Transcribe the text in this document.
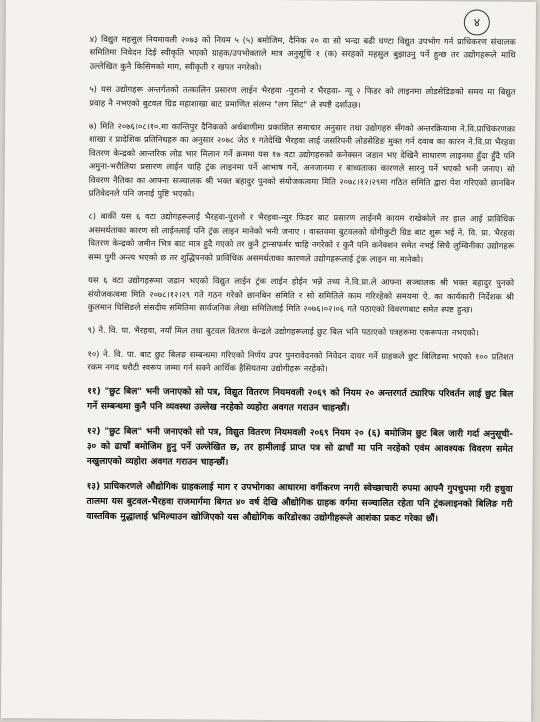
४

४) विद्युत महसुल नियमावली २०७३ को नियम ५ (५) बमोजिम, दैनिक २० वा सो भन्दा बढी घण्टा विद्युत उपभोग गर्न प्राधिकरण संचालक समितिमा निवेदन दिई स्वीकृति भएको ग्राहक/उपभोक्ताले मात्र अनुसूचि १ (क) सरहको महसुल बुझाउनु पर्ने हुन्छ तर उद्योगहरूले माथि उल्लेखित कुनै किसिमको माग, स्वीकृती र खपत नगरेको।

५) यस उद्योगहरू अन्तर्गतको तत्कालिन प्रसारण लाईन भैरहवा -पुरानो र भैरहवा- न्यू २ फिडर को लाइनमा लोडसेडिङको समय मा बिद्युत प्रवाह नै नभएको बुटवल ग्रिड महाशाखा बाट प्रमाणित संलग्न "लग सिट" ले स्पष्टै दर्शाउछ।

७) मिति २०७६।०८।१०.मा कान्तिपुर दैनिकको अर्थबाणीमा प्रकाशित समाचार अनुसार तथा उद्योगहरु सँगको अन्तरक्रियामा ने.वि.प्राधिकरणका शाखा र प्रादेशिक प्रतिनिधहरु का अनुसार २०७८ जेठ १ गतेदेखि भैरहवा लाई जसरिपनी लोडसेडिङ मुक्त गर्न दवाब का कारन ने.वि.प्रा भैरहवा वितरण केन्द्रको आन्तरिक लोड भार मिलान गर्ने क्रममा यस १७ वटा उद्योगहरुको कनेक्सन जडान भए देखिनै साधारण लाइनमा हुँदा हुँदै पनि अमुना-भरौलिया प्रसारण लाईन चाहि ट्रंक लाइनमा पर्ने आभाष गर्ने, अनजानमा र बाध्यताका कारणले सारनु पर्ने भएको भनी जनाए। सो विवरण नैतिका का आफ्ना सञ्चालक श्री भक्त बहादुर पुनको संयोजकत्वमा मिति २०७८।१२।२९मा गठित समिति द्वारा पेश गरिएको छानबिन प्रतिवेदनले पनि जनाई पुष्टि भएको।

८) बाकीं यस ६ वटा उद्योगहरूलाई भैरहवा-पुरानो र भैरहवा-न्युर फिडर बाट प्रसारण लाईनमै कायम राखेकोले तर हाल आई प्राविधिक असमर्थताका कारण सो लाईनलाई पनि ट्रंक लाइन मानेको भनी जनाए । वास्तवमा बुटवलको योगीकुटी ग्रिड बाट शुरू भई ने. वि. प्रा. भैरहवा वितरण केन्द्रको जमीन भित्र बाट मात्र हुदै गएको तर कुनै ट्रान्सफर्मर चाहि नगरेको र कुनै पनि कनेक्शन समेत नभई सिधै लुम्बिनीका उद्योगहरू सम्म पुगी अन्त्य भएको छ तर शुद्धिपनको प्राविधिक असमर्थताका कारणले उद्योगहरूलाई ट्रंक लाइन मा मानेको।

यस ६ वटा उद्योगहरूमा जडान भएको विद्युत लाईन ट्रंक लाईन होईन भन्ने तथ्य ने.वि.प्रा.ले आफ्ना सञ्चालक श्री भक्त बहादुर पुनको संयोजकत्वमा मिति २०७८।१२।२९ गते गठन गरेको छानबिन समिति र सो समितिले काम गरिरहेको समयमा ऐ. का कार्यकारी निर्देशक श्री कुलमान घिसिङले संसदीय समितिमा सार्वजनिक लेखा समितिलाई मिति २०७६।०२।०६ गते पठाएको विवरणबाट समेत स्पष्ट हुन्छ।

९) ने. वि. पा. भैरहवा, नयाँ मिल तथा बुटवल वितरण केन्द्रले उद्योगहरूलाई छुट बिल भनि पठाएको पत्रहरूमा एकरूपता नभएको।

१०) ने. वि. पा. बाट छुट बिलङ सम्बन्धमा गरिएको निर्णय उपर पुनरावेदनको निवेदन दायर गर्ने ग्राहकले छुट बिलिङमा भएको १०० प्रतिशत रकम नगद धरौटी स्वरूप जम्मा गर्न सक्ने आर्थिक हैसियतमा उद्योगीहरू नरहेको।

११) "छुट बिल" भनी जनाएको सो पत्र, विद्युत वितरण नियमवली २०६९ को नियम २० अन्तरगर्त ट्यारिफ परिवर्तन लाई छुट बिल गर्ने सम्बन्धमा कुनै पनि व्यवस्था उल्लेख नरहेको व्यहोरा अवगत गराउन चाहन्छौं।

१२) "छुट बिल" भनी जनाएको सो पत्र, विद्युत वितरण नियमवली २०६९ नियम २० (६) बमोजिम छुट बिल जारी गर्दा अनुसूची- ३० को ढाचाँ बमोजिम हुनु पर्ने उल्लेखित छ, तर हामीलाई प्राप्त पत्र सो ढाचाँ मा पनि नरहेको एवंम आवश्यक विवरण समेत नखुलाएको व्यहोरा अवगत गराउन चाहन्छौं।

१३) प्राधिकरणले औद्योगिक ग्राहकलाई माग र उपभोगका आधारमा वर्गीकरण नगरी स्वेच्छाचारी रुपमा आफ्नै गुपचुपमा गरी हचुवा तालमा यस बुटवल-भैरहवा राजमार्गमा बिगत ४० वर्ष देखि औद्योगिक ग्राहक वर्गमा सञ्चालित रहेता पनि ट्रंकलाइनको बिलिङ गरी वास्तविक मुद्धालाई भ्रमिल्याउन खोजिएको यस औद्योगिक करिडोरका उद्योगीहरूले आशंका प्रकट गरेका छौं।
